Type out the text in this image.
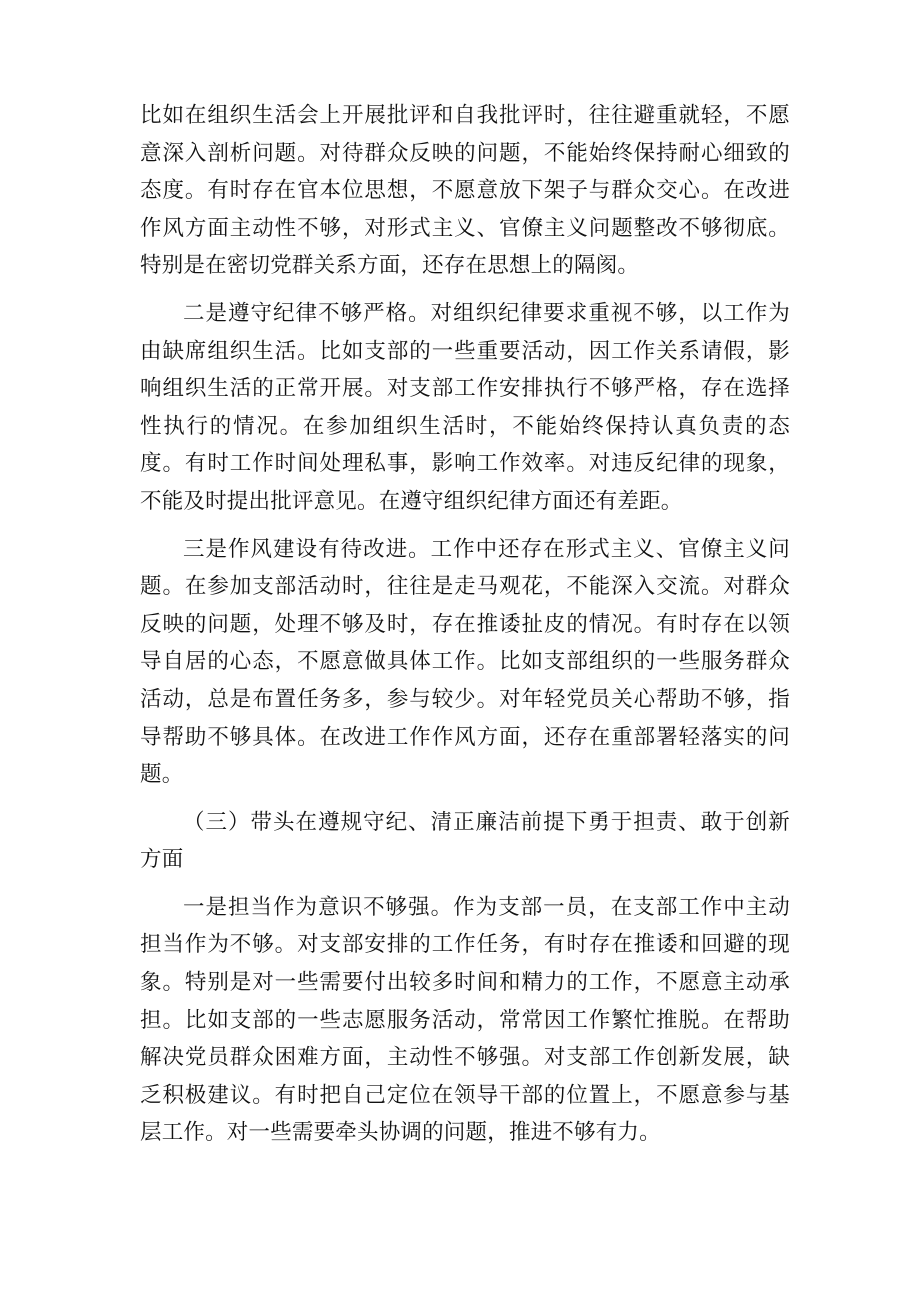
比如在组织生活会上开展批评和自我批评时，往往避重就轻，不愿意深入剖析问题。对待群众反映的问题，不能始终保持耐心细致的态度。有时存在官本位思想，不愿意放下架子与群众交心。在改进作风方面主动性不够，对形式主义、官僚主义问题整改不够彻底。特别是在密切党群关系方面，还存在思想上的隔阂。

二是遵守纪律不够严格。对组织纪律要求重视不够，以工作为由缺席组织生活。比如支部的一些重要活动，因工作关系请假，影响组织生活的正常开展。对支部工作安排执行不够严格，存在选择性执行的情况。在参加组织生活时，不能始终保持认真负责的态度。有时工作时间处理私事，影响工作效率。对违反纪律的现象，不能及时提出批评意见。在遵守组织纪律方面还有差距。

三是作风建设有待改进。工作中还存在形式主义、官僚主义问题。在参加支部活动时，往往是走马观花，不能深入交流。对群众反映的问题，处理不够及时，存在推诿扯皮的情况。有时存在以领导自居的心态，不愿意做具体工作。比如支部组织的一些服务群众活动，总是布置任务多，参与较少。对年轻党员关心帮助不够，指导帮助不够具体。在改进工作作风方面，还存在重部署轻落实的问题。

（三）带头在遵规守纪、清正廉洁前提下勇于担责、敢于创新方面

一是担当作为意识不够强。作为支部一员，在支部工作中主动担当作为不够。对支部安排的工作任务，有时存在推诿和回避的现象。特别是对一些需要付出较多时间和精力的工作，不愿意主动承担。比如支部的一些志愿服务活动，常常因工作繁忙推脱。在帮助解决党员群众困难方面，主动性不够强。对支部工作创新发展，缺乏积极建议。有时把自己定位在领导干部的位置上，不愿意参与基层工作。对一些需要牵头协调的问题，推进不够有力。
